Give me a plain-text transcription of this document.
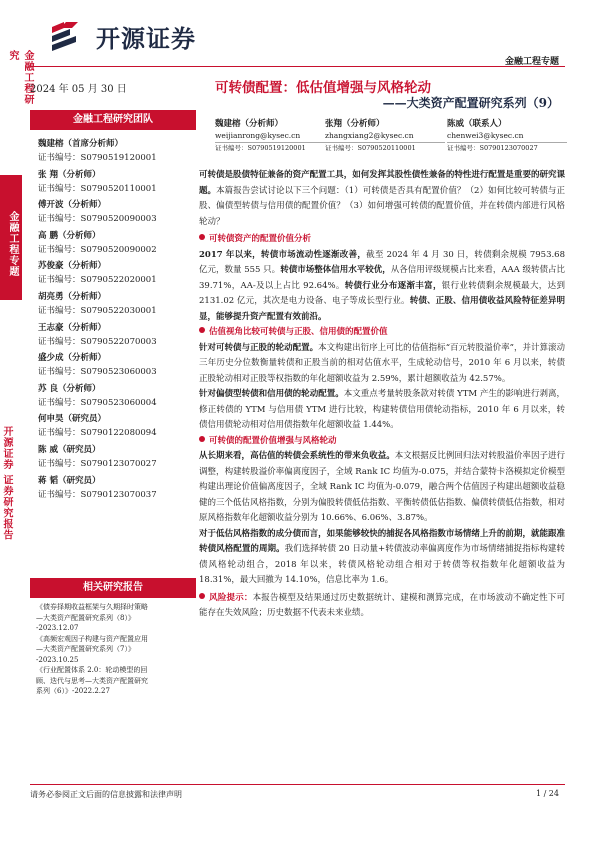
开源证券
金融工程专题
金融工程研究
金融工程专题
开源证券 证券研究报告
2024 年 05 月 30 日
金融工程研究团队
魏建榕（首席分析师）
证书编号：S0790519120001
张 翔（分析师）
证书编号：S0790520110001
傅开波（分析师）
证书编号：S0790520090003
高 鹏（分析师）
证书编号：S0790520090002
苏俊豪（分析师）
证书编号：S0790522020001
胡亮勇（分析师）
证书编号：S0790522030001
王志豪（分析师）
证书编号：S0790522070003
盛少成（分析师）
证书编号：S0790523060003
苏 良（分析师）
证书编号：S0790523060004
何申昊（研究员）
证书编号：S0790122080094
陈 威（研究员）
证书编号：S0790123070027
蒋 韬（研究员）
证书编号：S0790123070037
相关研究报告
《债券择期收益框架与久期择时策略
—大类资产配置研究系列（8）》
-2023.12.07
《高频宏观因子构建与资产配置应用
—大类资产配置研究系列（7）》
-2023.10.25
《行业配置体系 2.0：轮动模型的回
顾、迭代与思考—大类资产配置研究
系列（6）》-2022.2.27
可转债配置：低估值增强与风格轮动
——大类资产配置研究系列（9）
魏建榕（分析师）
weijianrong@kysec.cn
证书编号：S0790519120001
张翔（分析师）
zhangxiang2@kysec.cn
证书编号：S0790520110001
陈威（联系人）
chenwei3@kysec.cn
证书编号：S0790123070027

可转债是股债特征兼备的资产配置工具，如何发挥其股性债性兼备的特性进行配置是重要的研究课题。本篇报告尝试讨论以下三个问题：（1）可转债是否具有配置价值？（2）如何比较可转债与正股、偏债型转债与信用债的配置价值？（3）如何增强可转债的配置价值，并在转债内部进行风格轮动？

可转债资产的配置价值分析

2017 年以来，转债市场流动性逐渐改善，截至 2024 年 4 月 30 日，转债剩余规模 7953.68 亿元，数量 555 只。转债市场整体信用水平较优，从各信用评级规模占比来看，AAA 级转债占比 39.71%，AA-及以上占比 92.64%。转债行业分布逐渐丰富，银行业转债剩余规模最大，达到 2131.02 亿元，其次是电力设备、电子等成长型行业。转债、正股、信用债收益风险特征差异明显，能够提升资产配置有效前沿。

估值视角比较可转债与正股、信用债的配置价值

针对可转债与正股的轮动配置。本文构建出衍序上可比的估值指标“百元转股溢价率”，并计算滚动三年历史分位数衡量转债和正股当前的相对估值水平，生成轮动信号，2010 年 6 月以来，转债正股轮动相对正股等权指数的年化超额收益为 2.59%，累计超额收益为 42.57%。

针对偏债型转债和信用债的轮动配置。本文重点考量转股条款对转债 YTM 产生的影响进行剥离，修正转债的 YTM 与信用债 YTM 进行比较，构建转债信用债轮动指标，2010 年 6 月以来，转债信用债轮动相对信用债指数年化超额收益 1.44%。

可转债的配置价值增强与风格轮动

从长期来看，高估值的转债会系统性的带来负收益。本文根据反比例回归法对转股溢价率因子进行调整，构建转股溢价率偏离度因子，全域 Rank IC 均值为-0.075，并结合蒙特卡洛模拟定价模型构建出理论价值偏离度因子，全域 Rank IC 均值为-0.079，融合两个估值因子构建出超额收益稳健的三个低估风格指数，分别为偏股转债低估指数、平衡转债低估指数、偏债转债低估指数，相对原风格指数年化超额收益分别为 10.66%、6.06%、3.87%。

对于低估风格指数的成分债而言，如果能够较快的捕捉各风格指数市场情绪上升的前期，就能跟准转债风格配置的周期。我们选择转债 20 日动量+转债波动率偏离度作为市场情绪捕捉指标构建转债风格轮动组合，2018 年以来，转债风格轮动组合相对于转债等权指数年化超额收益为 18.31%，最大回撤为 14.10%，信息比率为 1.6。

风险提示：本报告模型及结果通过历史数据统计、建模和测算完成，在市场波动不确定性下可能存在失效风险；历史数据不代表未来业绩。

请务必参阅正文后面的信息披露和法律声明	1 / 24
